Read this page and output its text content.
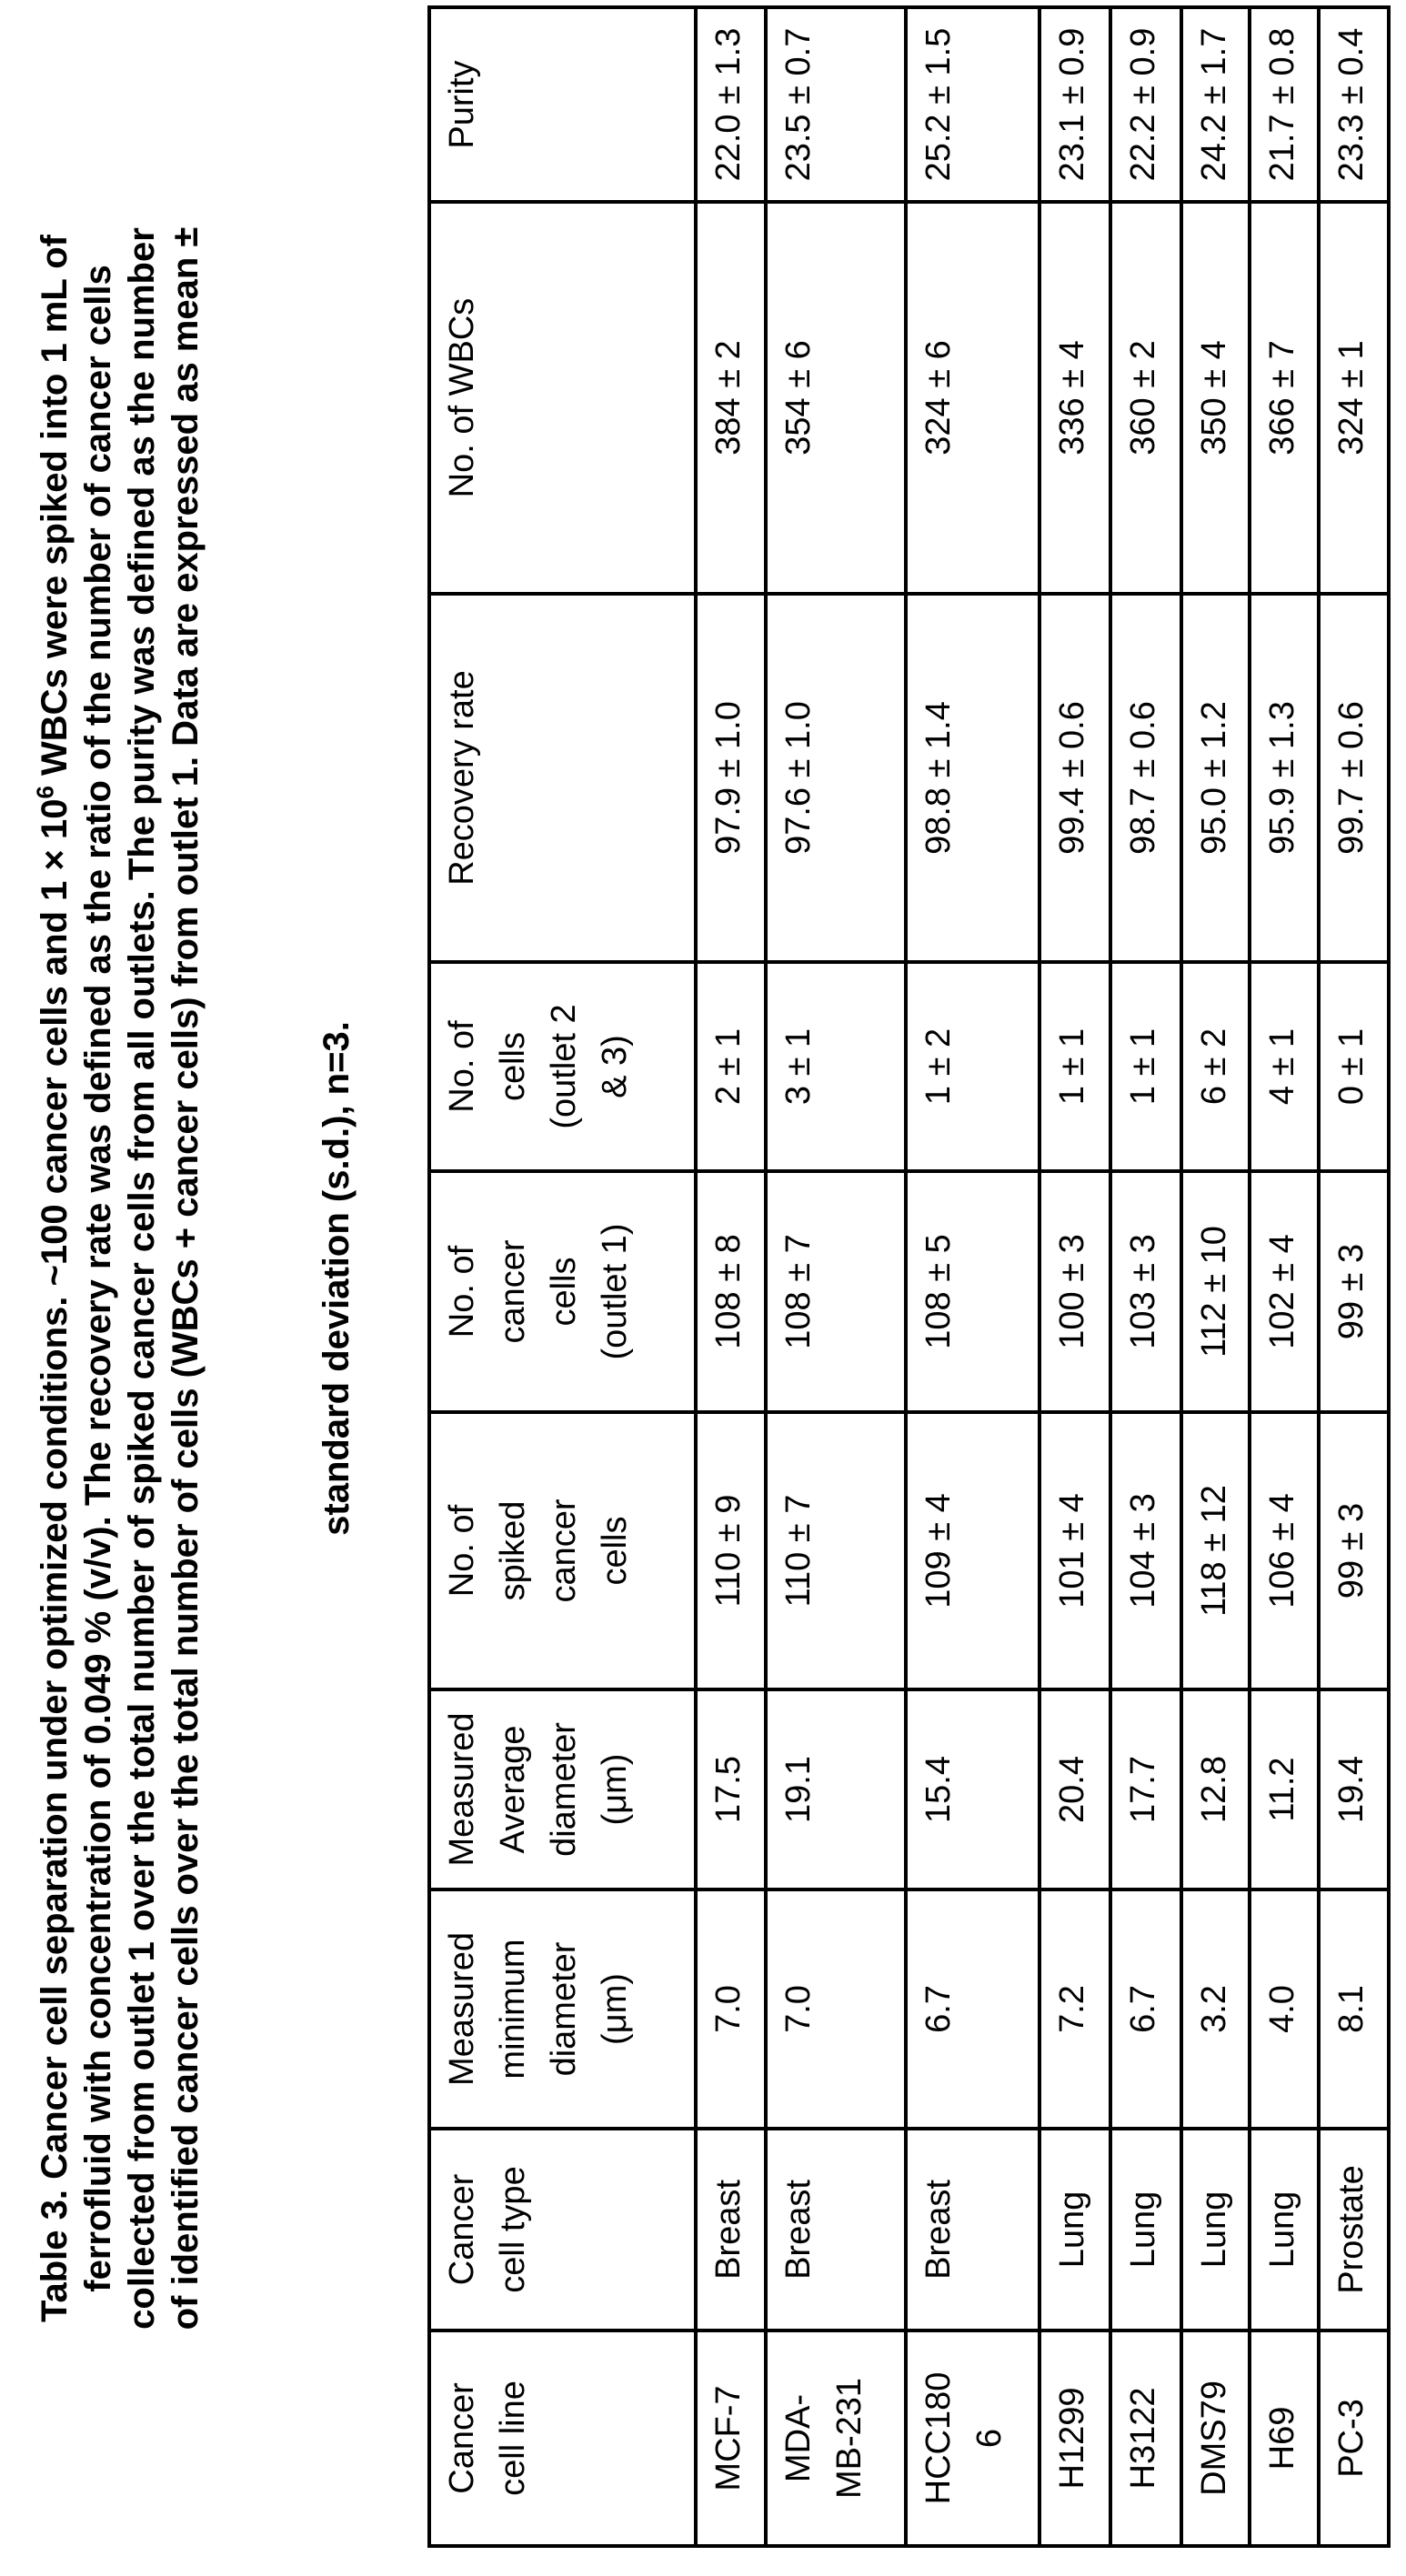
Table 3. Cancer cell separation under optimized conditions. ~100 cancer cells and $1 \times 10^6$ WBCs were spiked into 1 mL of ferrofluid with concentration of 0.049 % (v/v). The recovery rate was defined as the ratio of the number of cancer cells collected from outlet 1 over the total number of spiked cancer cells from all outlets. The purity was defined as the number of identified cancer cells over the total number of cells (WBCs + cancer cells) from outlet 1. Data are expressed as mean ±	standard deviation (s.d.), n=3.
Cancer
cell line	Cancer
cell type	Measured
minimum
diameter
(μm)	Measured
Average
diameter
(μm)	No. of
spiked
cancer
cells	No. of
cancer
cells
(outlet 1)	No. of
cells
(outlet 2
& 3)	Recovery rate	No. of WBCs	Purity
MCF-7	Breast	7.0	17.5	110 ± 9	108 ± 8	2 ± 1	97.9 ± 1.0	384 ± 2	22.0 ± 1.3
MDA-
MB-231	Breast	7.0	19.1	110 ± 7	108 ± 7	3 ± 1	97.6 ± 1.0	354 ± 6	23.5 ± 0.7
HCC180
6	Breast	6.7	15.4	109 ± 4	108 ± 5	1 ± 2	98.8 ± 1.4	324 ± 6	25.2 ± 1.5
H1299	Lung	7.2	20.4	101 ± 4	100 ± 3	1 ± 1	99.4 ± 0.6	336 ± 4	23.1 ± 0.9
H3122	Lung	6.7	17.7	104 ± 3	103 ± 3	1 ± 1	98.7 ± 0.6	360 ± 2	22.2 ± 0.9
DMS79	Lung	3.2	12.8	118 ± 12	112 ± 10	6 ± 2	95.0 ± 1.2	350 ± 4	24.2 ± 1.7
H69	Lung	4.0	11.2	106 ± 4	102 ± 4	4 ± 1	95.9 ± 1.3	366 ± 7	21.7 ± 0.8
PC-3	Prostate	8.1	19.4	99 ± 3	99 ± 3	0 ± 1	99.7 ± 0.6	324 ± 1	23.3 ± 0.4
